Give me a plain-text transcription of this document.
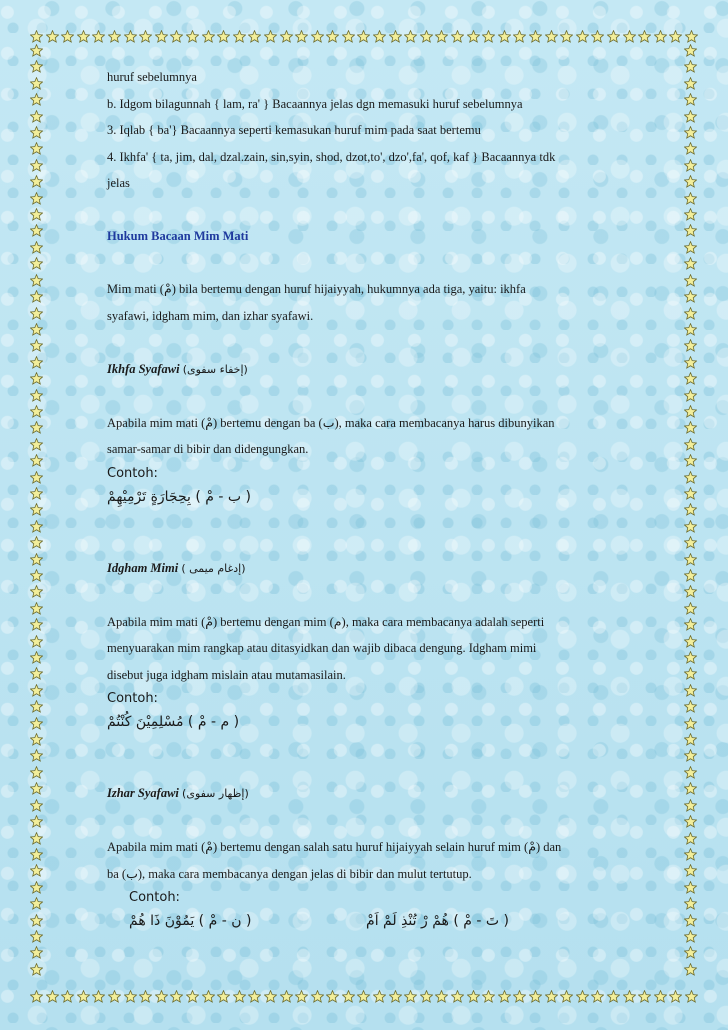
huruf sebelumnya
b. Idgom bilagunnah { lam, ra' } Bacaannya jelas dgn memasuki huruf sebelumnya
3. Iqlab { ba'} Bacaannya seperti kemasukan huruf mim pada saat bertemu
4. Ikhfa' { ta, jim, dal, dzal.zain, sin,syin, shod, dzot,to', dzo',fa', qof, kaf } Bacaannya tdk
jelas
Hukum Bacaan Mim Mati
Mim mati (مْ) bila bertemu dengan huruf hijaiyyah, hukumnya ada tiga, yaitu: ikhfa
syafawi, idgham mim, dan izhar syafawi.
Ikhfa Syafawi (إخفاء سفوى)
Apabila mim mati (مْ) bertemu dengan ba (ب), maka cara membacanya harus dibunyikan
samar-samar di bibir dan didengungkan.
Contoh:
( ب - مْ ) بِحِجَارَةٍ تَرْمِيْهِمْ
Idgham Mimi ( إدغام ميمى)
Apabila mim mati (مْ) bertemu dengan mim (م), maka cara membacanya adalah seperti
menyuarakan mim rangkap atau ditasyidkan dan wajib dibaca dengung. Idgham mimi
disebut juga idgham mislain atau mutamasilain.
Contoh:
( م - مْ ) مُسْلِمِيْنَ كُنْتُمْ
Izhar Syafawi (إظهار سفوى)
Apabila mim mati (مْ) bertemu dengan salah satu huruf hijaiyyah selain huruf mim (مْ) dan
ba (ب), maka cara membacanya dengan jelas di bibir dan mulut tertutup.
Contoh:
( ن - مْ ) يَمُوْنَ ذَا هُمْ	( تَ - مْ ) هُمْ رْ تُنْذِ لَمْ اَمْ
